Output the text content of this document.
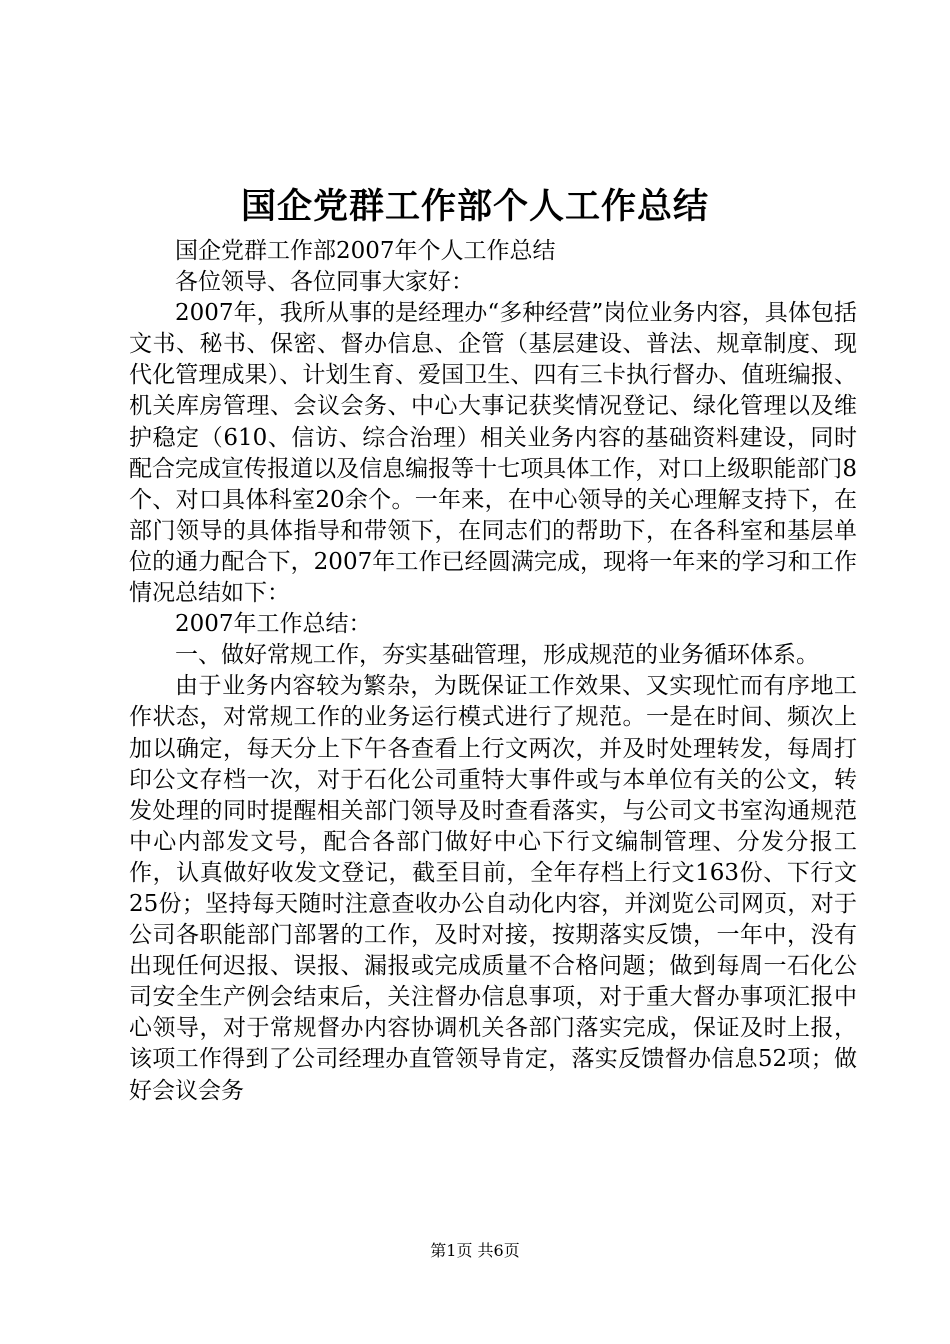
国企党群工作部个人工作总结

国企党群工作部2007年个人工作总结

各位领导、各位同事大家好：

2007年，我所从事的是经理办“多种经营”岗位业务内容，具体包括文书、秘书、保密、督办信息、企管（基层建设、普法、规章制度、现代化管理成果）、计划生育、爱国卫生、四有三卡执行督办、值班编报、机关库房管理、会议会务、中心大事记获奖情况登记、绿化管理以及维护稳定（610、信访、综合治理）相关业务内容的基础资料建设，同时配合完成宣传报道以及信息编报等十七项具体工作，对口上级职能部门8个、对口具体科室20余个。一年来，在中心领导的关心理解支持下，在部门领导的具体指导和带领下，在同志们的帮助下，在各科室和基层单位的通力配合下，2007年工作已经圆满完成，现将一年来的学习和工作情况总结如下：

2007年工作总结：

一、做好常规工作，夯实基础管理，形成规范的业务循环体系。

由于业务内容较为繁杂，为既保证工作效果、又实现忙而有序地工作状态，对常规工作的业务运行模式进行了规范。一是在时间、频次上加以确定，每天分上下午各查看上行文两次，并及时处理转发，每周打印公文存档一次，对于石化公司重特大事件或与本单位有关的公文，转发处理的同时提醒相关部门领导及时查看落实，与公司文书室沟通规范中心内部发文号，配合各部门做好中心下行文编制管理、分发分报工作，认真做好收发文登记，截至目前，全年存档上行文163份、下行文25份；坚持每天随时注意查收办公自动化内容，并浏览公司网页，对于公司各职能部门部署的工作，及时对接，按期落实反馈，一年中，没有出现任何迟报、误报、漏报或完成质量不合格问题；做到每周一石化公司安全生产例会结束后，关注督办信息事项，对于重大督办事项汇报中心领导，对于常规督办内容协调机关各部门落实完成，保证及时上报，该项工作得到了公司经理办直管领导肯定，落实反馈督办信息52项；做好会议会务

第1页 共6页
